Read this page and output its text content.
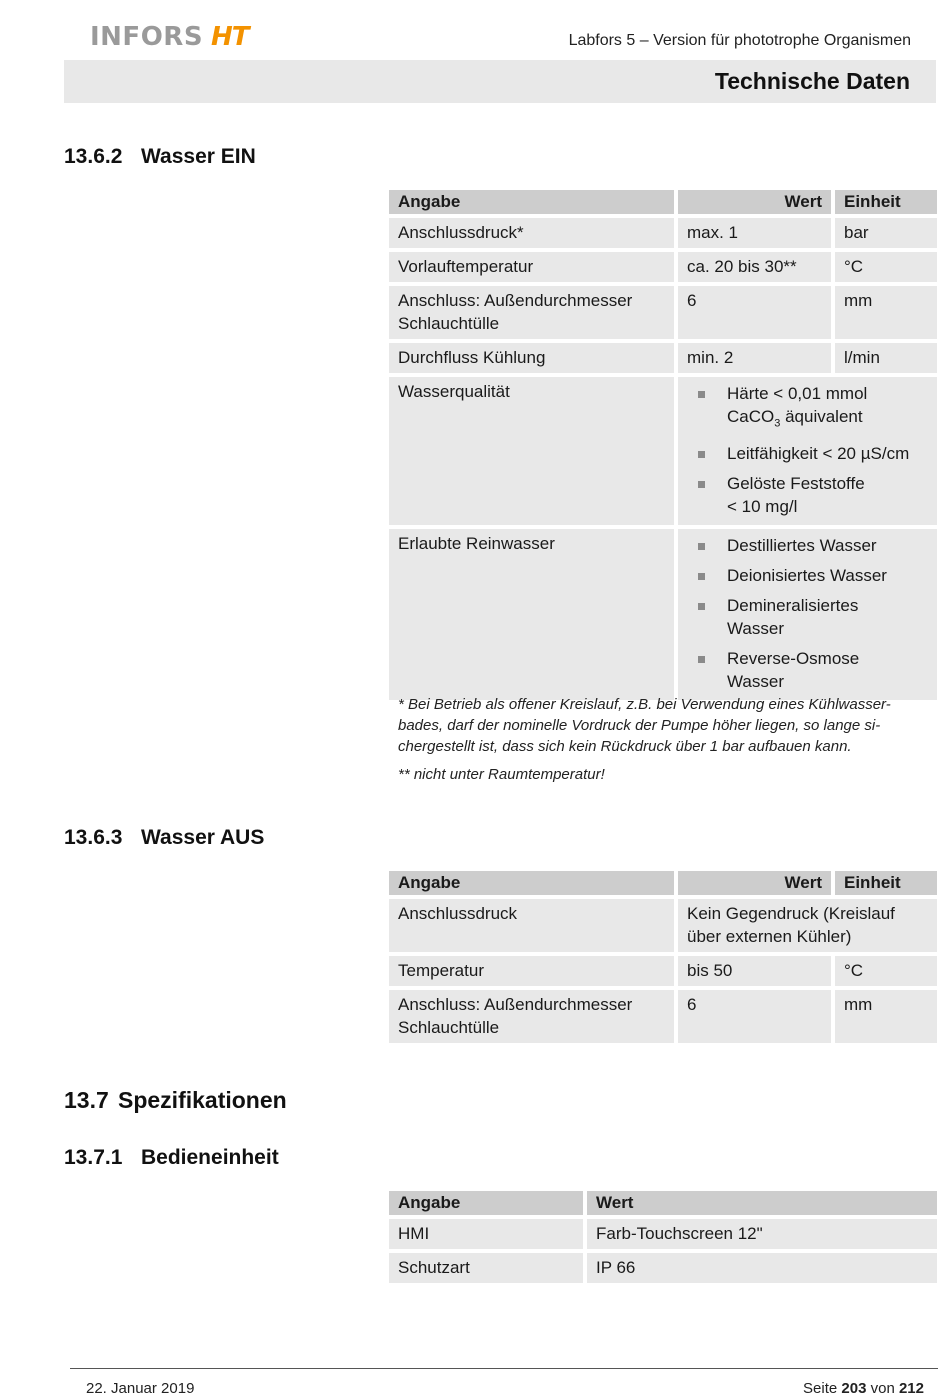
INFORS HT	Labfors 5 – Version für phototrophe Organismen
Technische Daten
13.6.2 Wasser EIN
Angabe	Wert	Einheit
Anschlussdruck*	max. 1	bar
Vorlauftemperatur	ca. 20 bis 30**	°C
Anschluss: Außendurchmesser
Schlauchtülle
6	mm
Durchfluss Kühlung	min. 2	l/min
Wasserqualität	Härte < 0,01 mmol
CaCO$_3$ äquivalent
Leitfähigkeit < 20 µS/cm
Gelöste Feststoffe
< 10 mg/l
Erlaubte Reinwasser	Destilliertes Wasser
Deionisiertes Wasser
Demineralisiertes
Wasser
Reverse-Osmose
Wasser
* Bei Betrieb als offener Kreislauf, z.B. bei Verwendung eines Kühlwasser-
bades, darf der nominelle Vordruck der Pumpe höher liegen, so lange si-
chergestellt ist, dass sich kein Rückdruck über 1 bar aufbauen kann.
** nicht unter Raumtemperatur!
13.6.3 Wasser AUS
Angabe	Wert	Einheit
Anschlussdruck	Kein Gegendruck (Kreislauf
über externen Kühler)
Temperatur	bis 50	°C
Anschluss: Außendurchmesser
Schlauchtülle
6	mm
13.7 Spezifikationen
13.7.1 Bedieneinheit
Angabe	Wert
HMI	Farb-Touchscreen 12"
Schutzart	IP 66
22. Januar 2019	Seite 203 von 212
